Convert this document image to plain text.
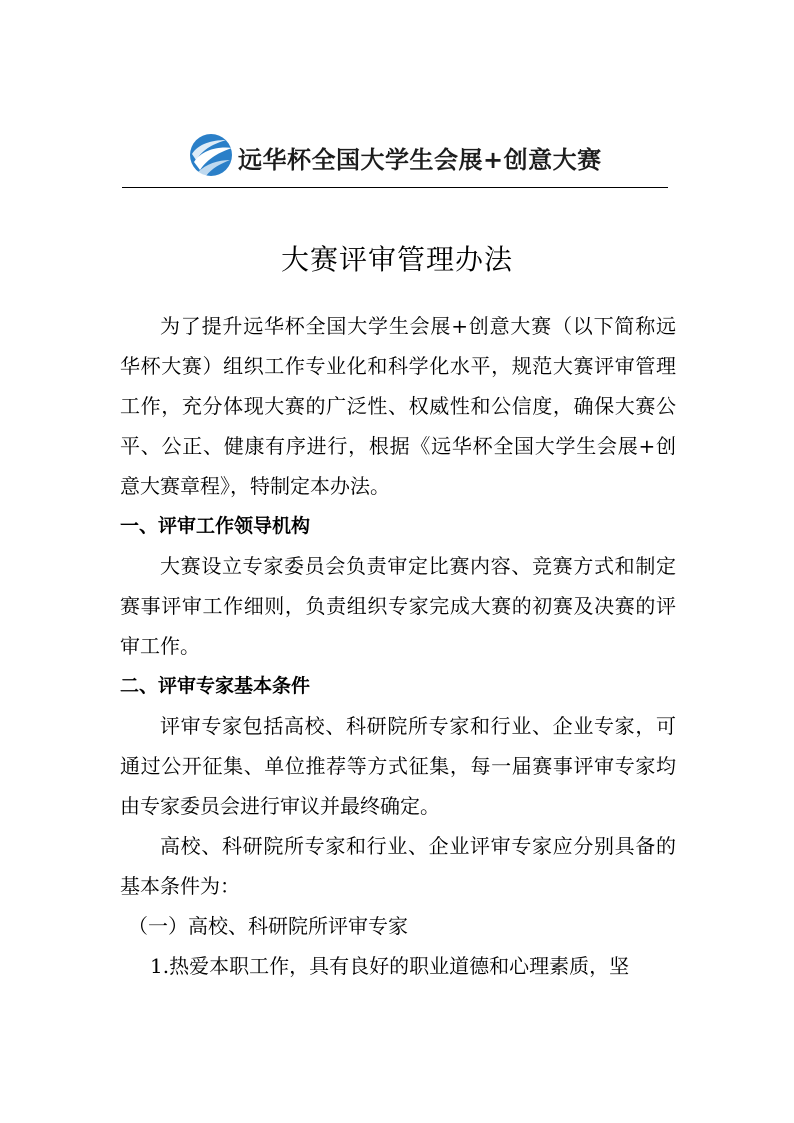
远华杯全国大学生会展+创意大赛
大赛评审管理办法

为了提升远华杯全国大学生会展+创意大赛（以下简称远华杯大赛）组织工作专业化和科学化水平，规范大赛评审管理工作，充分体现大赛的广泛性、权威性和公信度，确保大赛公平、公正、健康有序进行，根据《远华杯全国大学生会展+创意大赛章程》，特制定本办法。

一、评审工作领导机构

大赛设立专家委员会负责审定比赛内容、竞赛方式和制定赛事评审工作细则，负责组织专家完成大赛的初赛及决赛的评审工作。

二、评审专家基本条件

评审专家包括高校、科研院所专家和行业、企业专家，可通过公开征集、单位推荐等方式征集，每一届赛事评审专家均由专家委员会进行审议并最终确定。

高校、科研院所专家和行业、企业评审专家应分别具备的基本条件为：

（一）高校、科研院所评审专家

1.热爱本职工作，具有良好的职业道德和心理素质，坚
